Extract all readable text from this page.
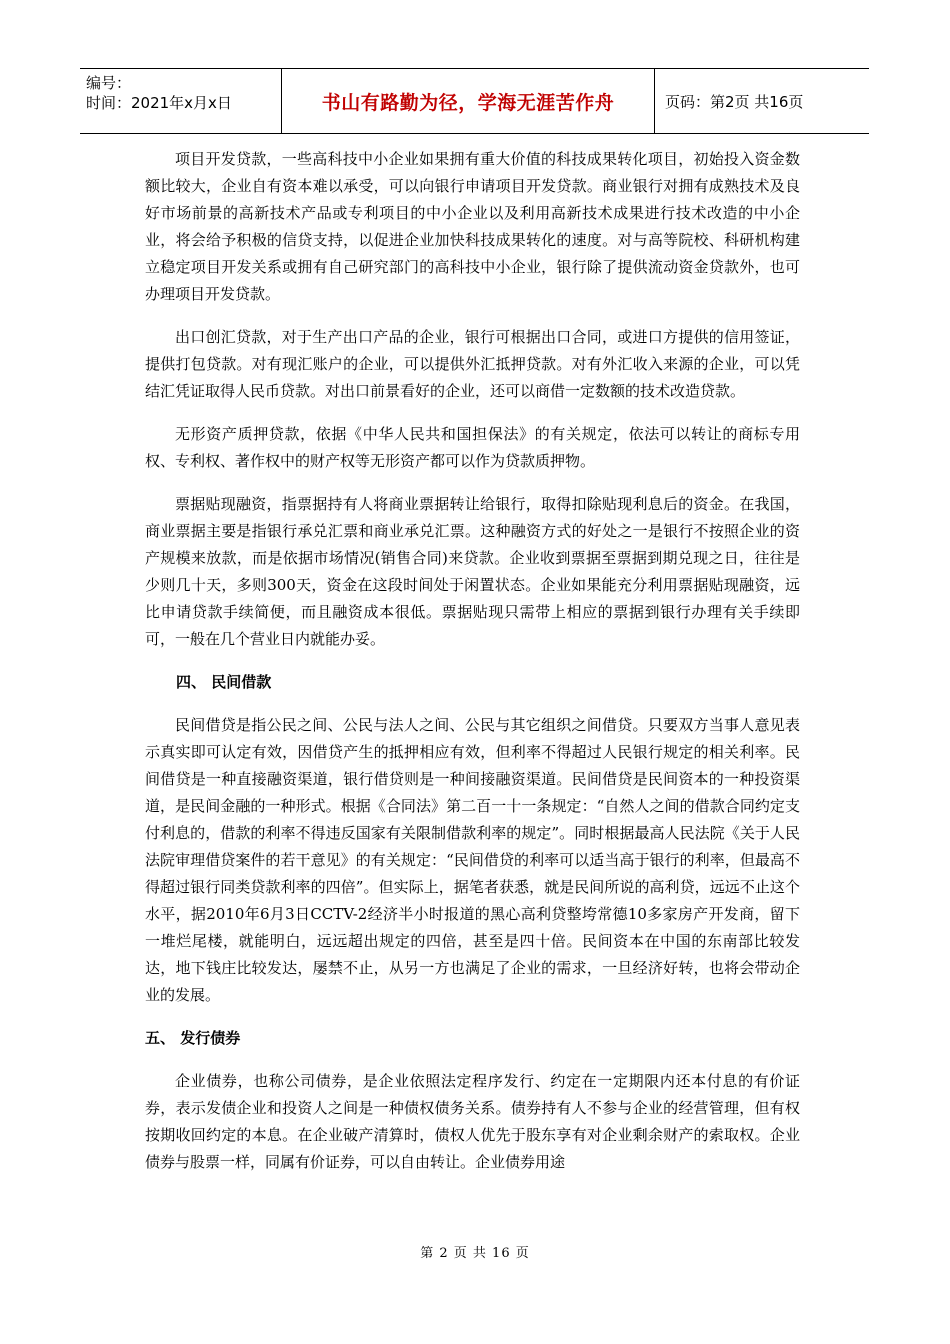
编号：
时间：2021年x月x日	书山有路勤为径，学海无涯苦作舟	页码：第2页 共16页

项目开发贷款，一些高科技中小企业如果拥有重大价值的科技成果转化项目，初始投入资金数额比较大，企业自有资本难以承受，可以向银行申请项目开发贷款。商业银行对拥有成熟技术及良好市场前景的高新技术产品或专利项目的中小企业以及利用高新技术成果进行技术改造的中小企业，将会给予积极的信贷支持，以促进企业加快科技成果转化的速度。对与高等院校、科研机构建立稳定项目开发关系或拥有自己研究部门的高科技中小企业，银行除了提供流动资金贷款外，也可办理项目开发贷款。

出口创汇贷款，对于生产出口产品的企业，银行可根据出口合同，或进口方提供的信用签证，提供打包贷款。对有现汇账户的企业，可以提供外汇抵押贷款。对有外汇收入来源的企业，可以凭结汇凭证取得人民币贷款。对出口前景看好的企业，还可以商借一定数额的技术改造贷款。

无形资产质押贷款，依据《中华人民共和国担保法》的有关规定，依法可以转让的商标专用权、专利权、著作权中的财产权等无形资产都可以作为贷款质押物。

票据贴现融资，指票据持有人将商业票据转让给银行，取得扣除贴现利息后的资金。在我国，商业票据主要是指银行承兑汇票和商业承兑汇票。这种融资方式的好处之一是银行不按照企业的资产规模来放款，而是依据市场情况(销售合同)来贷款。企业收到票据至票据到期兑现之日，往往是少则几十天，多则300天，资金在这段时间处于闲置状态。企业如果能充分利用票据贴现融资，远比申请贷款手续简便，而且融资成本很低。票据贴现只需带上相应的票据到银行办理有关手续即可，一般在几个营业日内就能办妥。

四、 民间借款

民间借贷是指公民之间、公民与法人之间、公民与其它组织之间借贷。只要双方当事人意见表示真实即可认定有效，因借贷产生的抵押相应有效，但利率不得超过人民银行规定的相关利率。民间借贷是一种直接融资渠道，银行借贷则是一种间接融资渠道。民间借贷是民间资本的一种投资渠道，是民间金融的一种形式。根据《合同法》第二百一十一条规定：“自然人之间的借款合同约定支付利息的，借款的利率不得违反国家有关限制借款利率的规定”。同时根据最高人民法院《关于人民法院审理借贷案件的若干意见》的有关规定：“民间借贷的利率可以适当高于银行的利率，但最高不得超过银行同类贷款利率的四倍”。但实际上，据笔者获悉，就是民间所说的高利贷，远远不止这个水平，据2010年6月3日CCTV-2经济半小时报道的黑心高利贷整垮常德10多家房产开发商，留下一堆烂尾楼，就能明白，远远超出规定的四倍，甚至是四十倍。民间资本在中国的东南部比较发达，地下钱庄比较发达，屡禁不止，从另一方也满足了企业的需求，一旦经济好转，也将会带动企业的发展。

五、 发行债券

企业债券，也称公司债券，是企业依照法定程序发行、约定在一定期限内还本付息的有价证券，表示发债企业和投资人之间是一种债权债务关系。债券持有人不参与企业的经营管理，但有权按期收回约定的本息。在企业破产清算时，债权人优先于股东享有对企业剩余财产的索取权。企业债券与股票一样，同属有价证券，可以自由转让。企业债券用途

第 2 页 共 16 页
